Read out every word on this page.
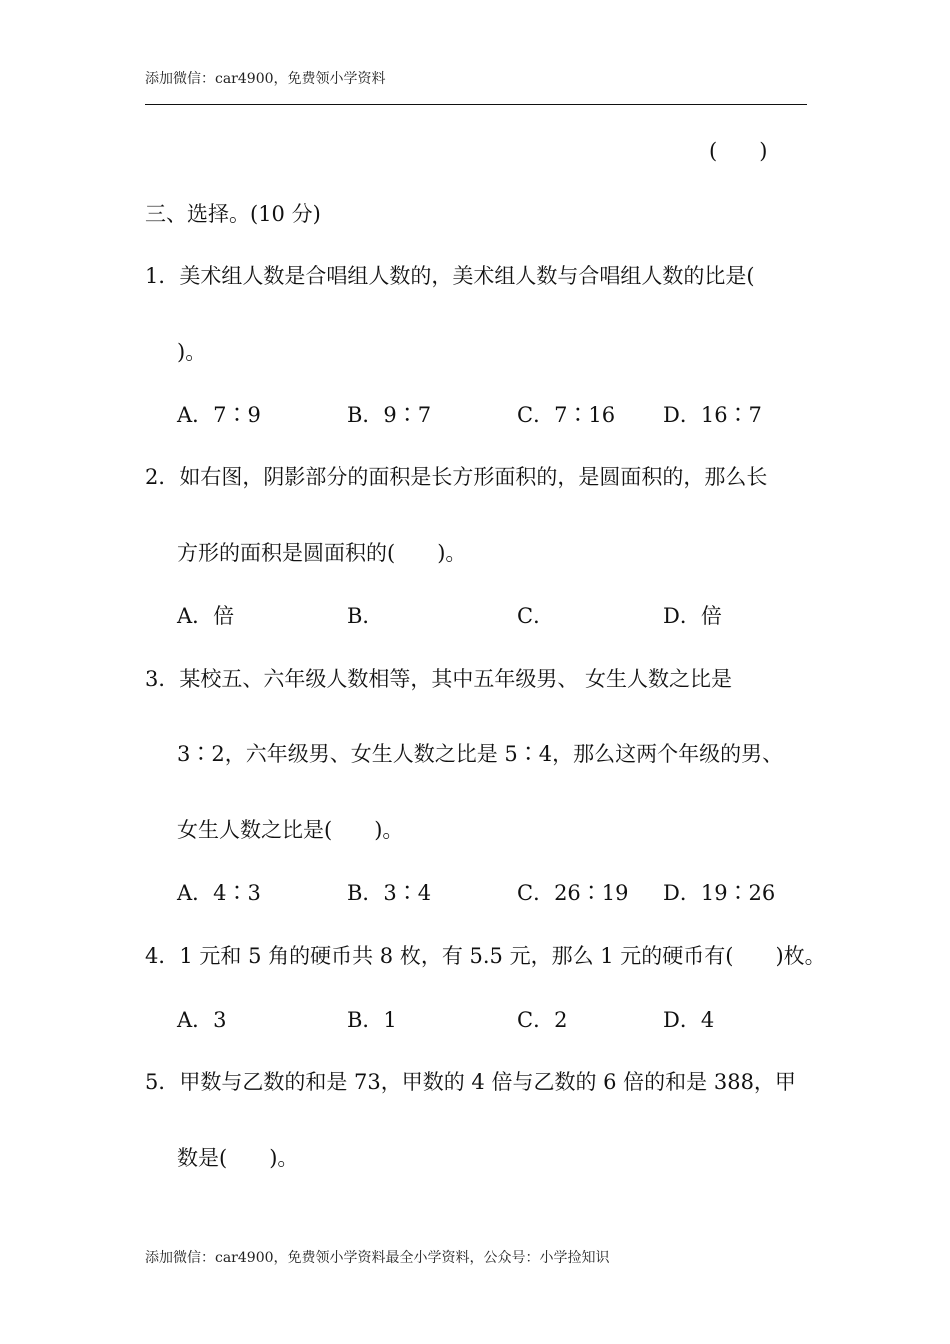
添加微信：car4900，免费领小学资料
(　　)
三、选择。(10 分)
1．美术组人数是合唱组人数的，美术组人数与合唱组人数的比是(
)。
A．7∶9	B．9∶7	C．7∶16 D．16∶7
2．如右图，阴影部分的面积是长方形面积的，是圆面积的，那么长
方形的面积是圆面积的(　　)。
A．倍	B．	C．	D．倍
3．某校五、六年级人数相等，其中五年级男、 女生人数之比是
3∶2，六年级男、女生人数之比是 5∶4，那么这两个年级的男、
女生人数之比是(　　)。
A．4∶3	B．3∶4	C．26∶19 D．19∶26
4．1 元和 5 角的硬币共 8 枚，有 5.5 元，那么 1 元的硬币有(　　)枚。
A．3	B．1	C．2	D．4
5．甲数与乙数的和是 73，甲数的 4 倍与乙数的 6 倍的和是 388，甲
数是(　　)。
添加微信：car4900，免费领小学资料最全小学资料，公众号：小学捡知识
